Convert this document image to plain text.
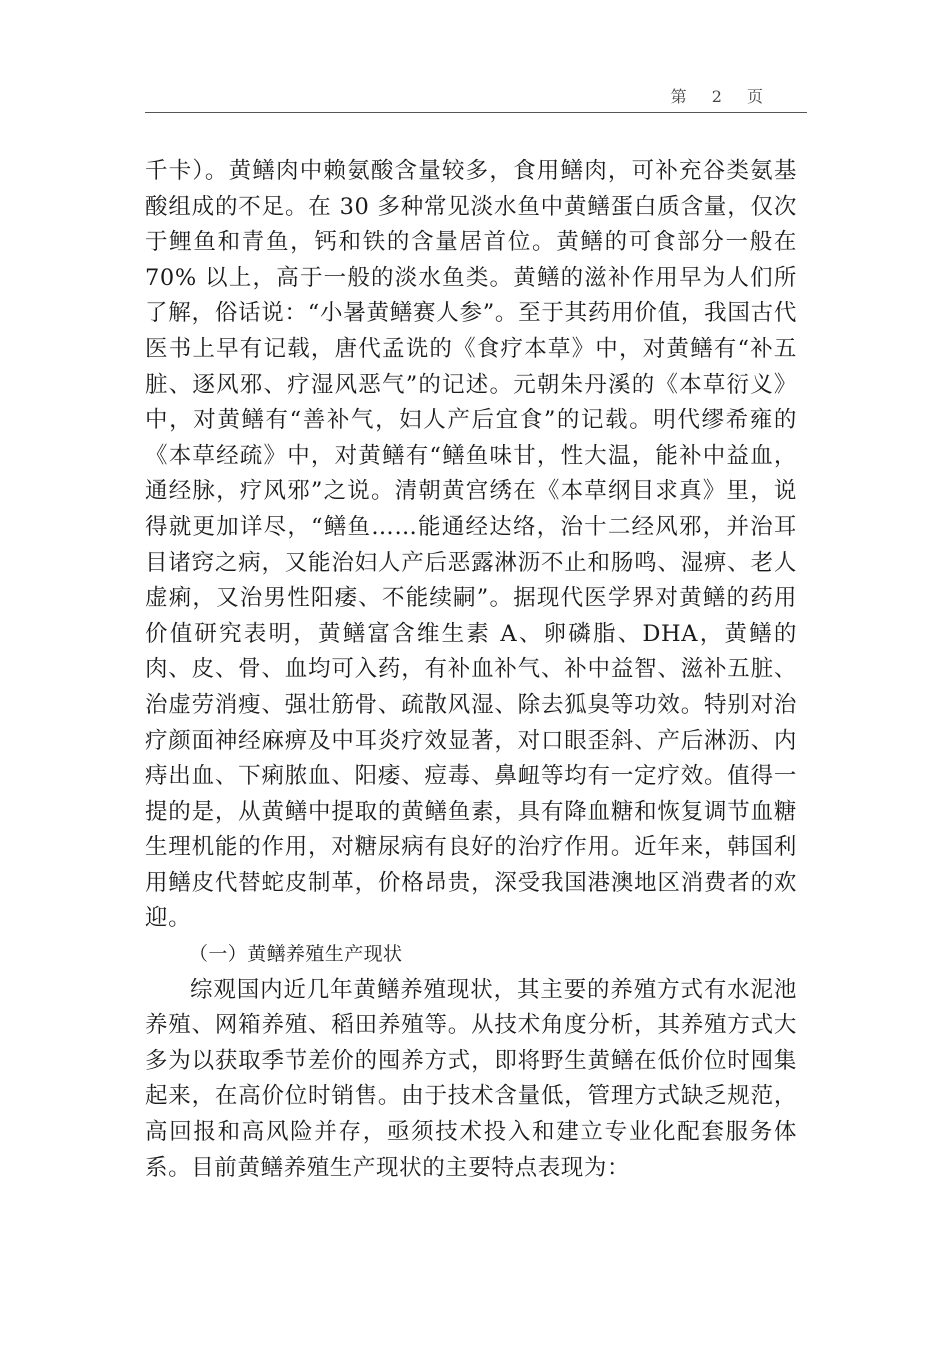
第 2 页

千卡）。黄鳝肉中赖氨酸含量较多，食用鳝肉，可补充谷类氨基酸组成的不足。在 30 多种常见淡水鱼中黄鳝蛋白质含量，仅次于鲤鱼和青鱼，钙和铁的含量居首位。黄鳝的可食部分一般在 70% 以上，高于一般的淡水鱼类。黄鳝的滋补作用早为人们所了解，俗话说：“小暑黄鳝赛人参”。至于其药用价值，我国古代医书上早有记载，唐代孟诜的《食疗本草》中，对黄鳝有“补五脏、逐风邪、疗湿风恶气”的记述。元朝朱丹溪的《本草衍义》中，对黄鳝有“善补气，妇人产后宜食”的记载。明代缪希雍的《本草经疏》中，对黄鳝有“鳝鱼味甘，性大温，能补中益血，通经脉，疗风邪”之说。清朝黄宫绣在《本草纲目求真》里，说得就更加详尽，“鳝鱼……能通经达络，治十二经风邪，并治耳目诸窍之病，又能治妇人产后恶露淋沥不止和肠鸣、湿痹、老人虚痢，又治男性阳痿、不能续嗣”。据现代医学界对黄鳝的药用价值研究表明，黄鳝富含维生素 A、卵磷脂、DHA，黄鳝的肉、皮、骨、血均可入药，有补血补气、补中益智、滋补五脏、治虚劳消瘦、强壮筋骨、疏散风湿、除去狐臭等功效。特别对治疗颜面神经麻痹及中耳炎疗效显著，对口眼歪斜、产后淋沥、内痔出血、下痢脓血、阳痿、痘毒、鼻衄等均有一定疗效。值得一提的是，从黄鳝中提取的黄鳝鱼素，具有降血糖和恢复调节血糖生理机能的作用，对糖尿病有良好的治疗作用。近年来，韩国利用鳝皮代替蛇皮制革，价格昂贵，深受我国港澳地区消费者的欢迎。

（一）黄鳝养殖生产现状

综观国内近几年黄鳝养殖现状，其主要的养殖方式有水泥池养殖、网箱养殖、稻田养殖等。从技术角度分析，其养殖方式大多为以获取季节差价的囤养方式，即将野生黄鳝在低价位时囤集起来，在高价位时销售。由于技术含量低，管理方式缺乏规范，高回报和高风险并存，亟须技术投入和建立专业化配套服务体系。目前黄鳝养殖生产现状的主要特点表现为：
